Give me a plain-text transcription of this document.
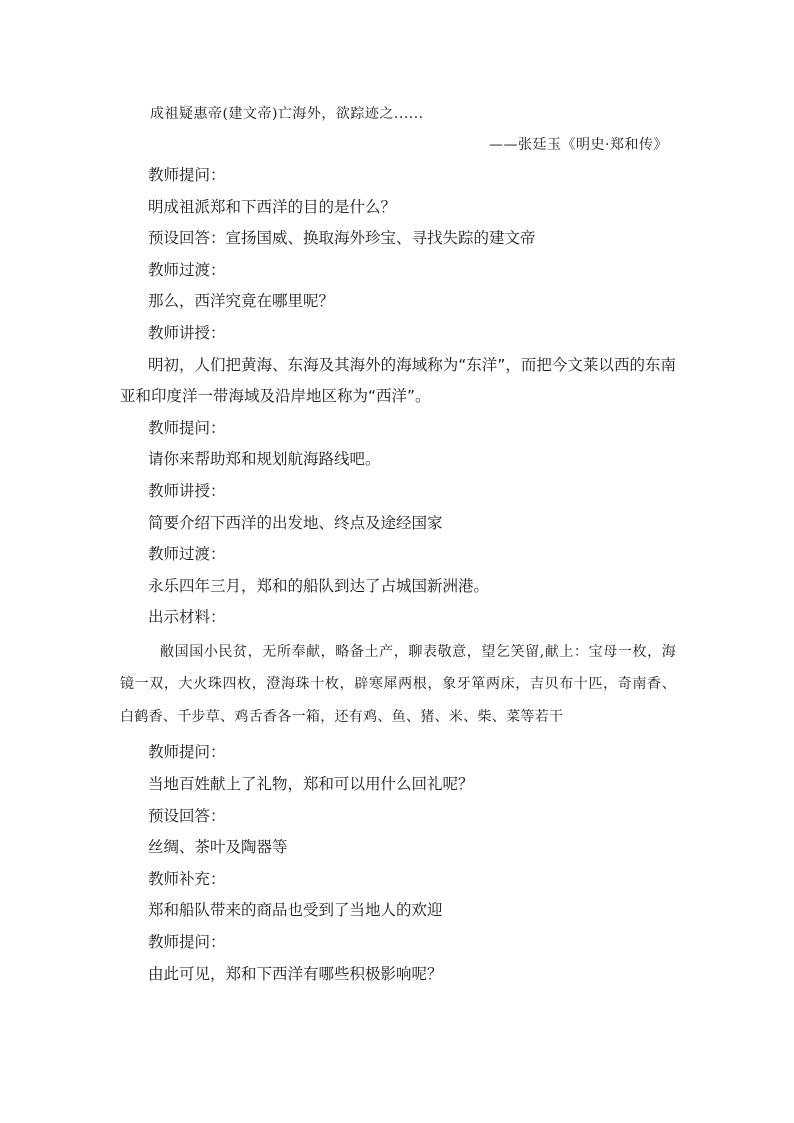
成祖疑惠帝(建文帝)亡海外，欲踪迹之......
——张廷玉《明史·郑和传》
教师提问：
明成祖派郑和下西洋的目的是什么？
预设回答：宣扬国威、换取海外珍宝、寻找失踪的建文帝
教师过渡：
那么，西洋究竟在哪里呢？
教师讲授：

明初，人们把黄海、东海及其海外的海域称为“东洋”，而把今文莱以西的东南亚和印度洋一带海域及沿岸地区称为“西洋”。

教师提问：
请你来帮助郑和规划航海路线吧。
教师讲授：
简要介绍下西洋的出发地、终点及途经国家
教师过渡：
永乐四年三月，郑和的船队到达了占城国新洲港。
出示材料：

敝国国小民贫，无所奉献，略备土产，聊表敬意，望乞笑留,献上：宝母一枚，海镜一双，大火珠四枚，澄海珠十枚，辟寒犀两根，象牙箪两床，吉贝布十匹，奇南香、白鹤香、千步草、鸡舌香各一箱，还有鸡、鱼、猪、米、柴、菜等若干

教师提问：
当地百姓献上了礼物，郑和可以用什么回礼呢？
预设回答：
丝绸、茶叶及陶器等
教师补充：
郑和船队带来的商品也受到了当地人的欢迎
教师提问：
由此可见，郑和下西洋有哪些积极影响呢？
